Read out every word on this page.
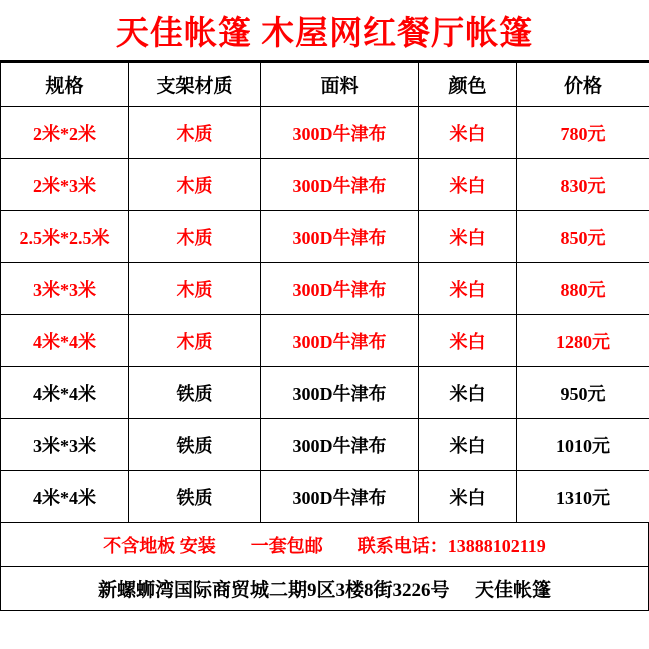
天佳帐篷 木屋网红餐厅帐篷
规格	支架材质	面料	颜色	价格
2米*2米	木质	300D牛津布	米白	780元
2米*3米	木质	300D牛津布	米白	830元
2.5米*2.5米	木质	300D牛津布	米白	850元
3米*3米	木质	300D牛津布	米白	880元
4米*4米	木质	300D牛津布	米白	1280元
4米*4米	铁质	300D牛津布	米白	950元
3米*3米	铁质	300D牛津布	米白	1010元
4米*4米	铁质	300D牛津布	米白	1310元
不含地板 安装 一套包邮 联系电话：13888102119
新螺蛳湾国际商贸城二期9区3楼8街3226号 天佳帐篷
